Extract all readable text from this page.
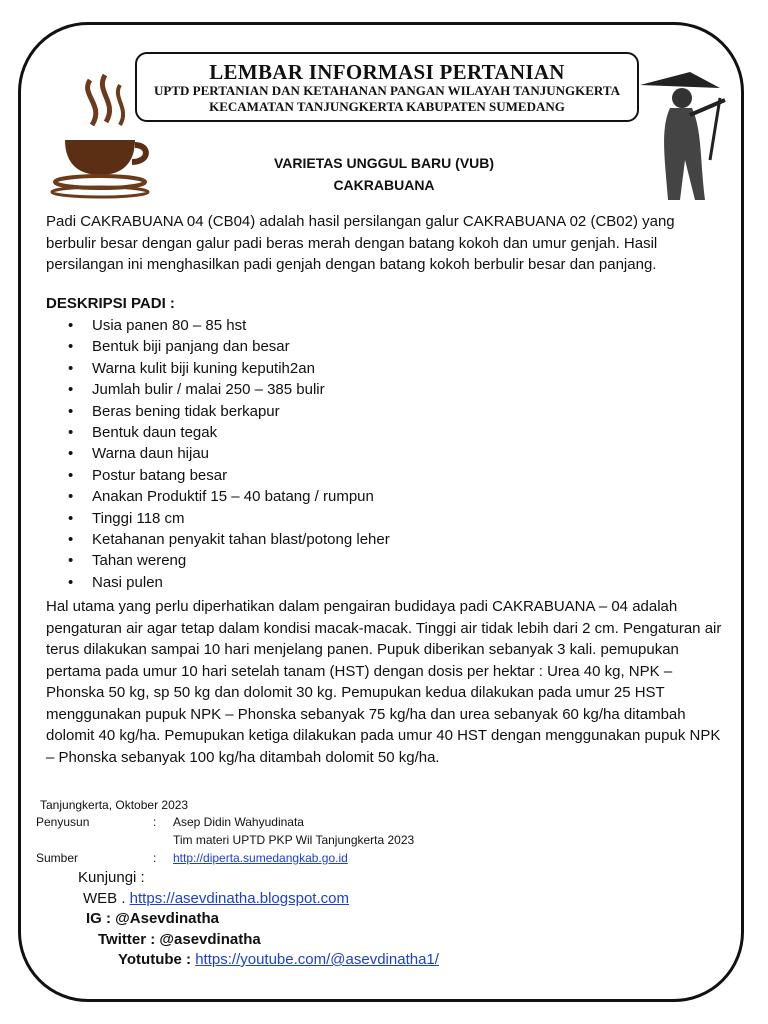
LEMBAR INFORMASI PERTANIAN
UPTD PERTANIAN DAN KETAHANAN PANGAN WILAYAH TANJUNGKERTA
KECAMATAN TANJUNGKERTA KABUPATEN SUMEDANG
VARIETAS UNGGUL BARU (VUB)
CAKRABUANA
Padi CAKRABUANA 04 (CB04) adalah hasil persilangan galur CAKRABUANA 02 (CB02) yang berbulir besar dengan galur padi beras merah dengan batang kokoh dan umur genjah. Hasil persilangan ini menghasilkan padi genjah dengan batang kokoh berbulir besar dan panjang.
DESKRIPSI PADI :
• Usia panen 80 – 85 hst
• Bentuk biji panjang dan besar
• Warna kulit biji kuning keputih2an
• Jumlah bulir / malai 250 – 385 bulir
• Beras bening tidak berkapur
• Bentuk daun tegak
• Warna daun hijau
• Postur batang besar
• Anakan Produktif 15 – 40 batang / rumpun
• Tinggi 118 cm
• Ketahanan penyakit tahan blast/potong leher
• Tahan wereng
• Nasi pulen
Hal utama yang perlu diperhatikan dalam pengairan budidaya padi CAKRABUANA – 04 adalah pengaturan air agar tetap dalam kondisi macak-macak. Tinggi air tidak lebih dari 2 cm. Pengaturan air terus dilakukan sampai 10 hari menjelang panen. Pupuk diberikan sebanyak 3 kali. pemupukan pertama pada umur 10 hari setelah tanam (HST) dengan dosis per hektar : Urea 40 kg, NPK – Phonska 50 kg, sp 50 kg dan dolomit 30 kg. Pemupukan kedua dilakukan pada umur 25 HST menggunakan pupuk NPK – Phonska sebanyak 75 kg/ha dan urea sebanyak 60 kg/ha ditambah dolomit 40 kg/ha. Pemupukan ketiga dilakukan pada umur 40 HST dengan menggunakan pupuk NPK – Phonska sebanyak 100 kg/ha ditambah dolomit 50 kg/ha.
Tanjungkerta, Oktober 2023
Penyusun	: Asep Didin Wahyudinata
Tim materi UPTD PKP Wil Tanjungkerta 2023
Sumber	: http://diperta.sumedangkab.go.id
Kunjungi :
WEB . https://asevdinatha.blogspot.com
IG : @Asevdinatha
Twitter : @asevdinatha
Yotutube : https://youtube.com/@asevdinatha1/
